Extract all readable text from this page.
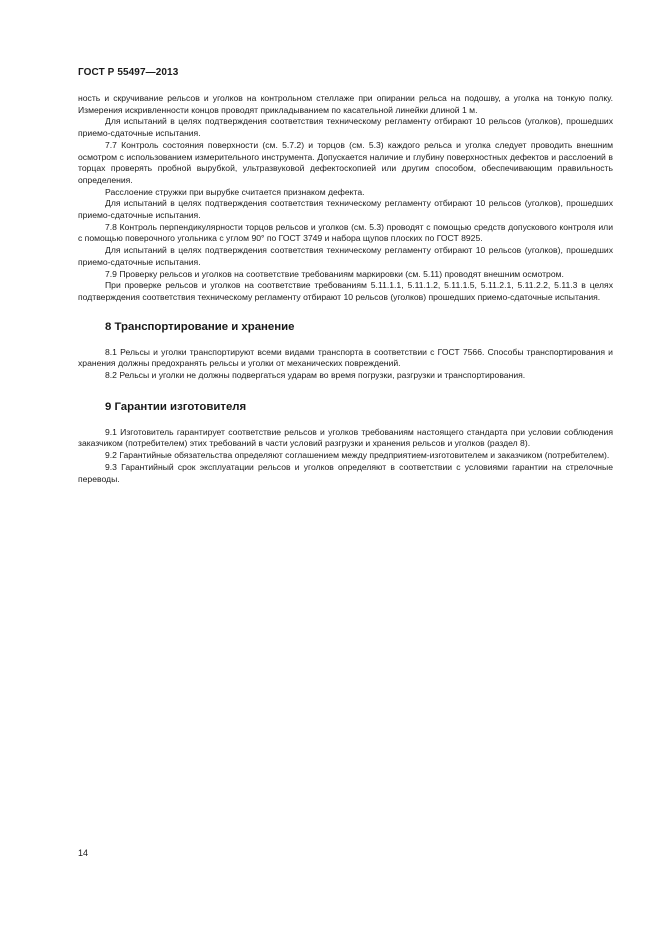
ГОСТ Р 55497—2013

ность и скручивание рельсов и уголков на контрольном стеллаже при опирании рельса на подошву, а уголка на тонкую полку. Измерения искривленности концов проводят прикладыванием по касательной линейки длиной 1 м.

Для испытаний в целях подтверждения соответствия техническому регламенту отбирают 10 рельсов (уголков), прошедших приемо-сдаточные испытания.

7.7 Контроль состояния поверхности (см. 5.7.2) и торцов (см. 5.3) каждого рельса и уголка следует проводить внешним осмотром с использованием измерительного инструмента. Допускается наличие и глубину поверхностных дефектов и расслоений в торцах проверять пробной вырубкой, ультразвуковой дефектоскопией или другим способом, обеспечивающим правильность определения.

Расслоение стружки при вырубке считается признаком дефекта.

Для испытаний в целях подтверждения соответствия техническому регламенту отбирают 10 рельсов (уголков), прошедших приемо-сдаточные испытания.

7.8 Контроль перпендикулярности торцов рельсов и уголков (см. 5.3) проводят с помощью средств допускового контроля или с помощью поверочного угольника с углом 90° по ГОСТ 3749 и набора щупов плоских по ГОСТ 8925.

Для испытаний в целях подтверждения соответствия техническому регламенту отбирают 10 рельсов (уголков), прошедших приемо-сдаточные испытания.

7.9 Проверку рельсов и уголков на соответствие требованиям маркировки (см. 5.11) проводят внешним осмотром.

При проверке рельсов и уголков на соответствие требованиям 5.11.1.1, 5.11.1.2, 5.11.1.5, 5.11.2.1, 5.11.2.2, 5.11.3 в целях подтверждения соответствия техническому регламенту отбирают 10 рельсов (уголков) прошедших приемо-сдаточные испытания.

8 Транспортирование и хранение

8.1 Рельсы и уголки транспортируют всеми видами транспорта в соответствии с ГОСТ 7566. Способы транспортирования и хранения должны предохранять рельсы и уголки от механических повреждений.

8.2 Рельсы и уголки не должны подвергаться ударам во время погрузки, разгрузки и транспортирования.

9 Гарантии изготовителя

9.1 Изготовитель гарантирует соответствие рельсов и уголков требованиям настоящего стандарта при условии соблюдения заказчиком (потребителем) этих требований в части условий разгрузки и хранения рельсов и уголков (раздел 8).

9.2 Гарантийные обязательства определяют соглашением между предприятием-изготовителем и заказчиком (потребителем).

9.3 Гарантийный срок эксплуатации рельсов и уголков определяют в соответствии с условиями гарантии на стрелочные переводы.

14
